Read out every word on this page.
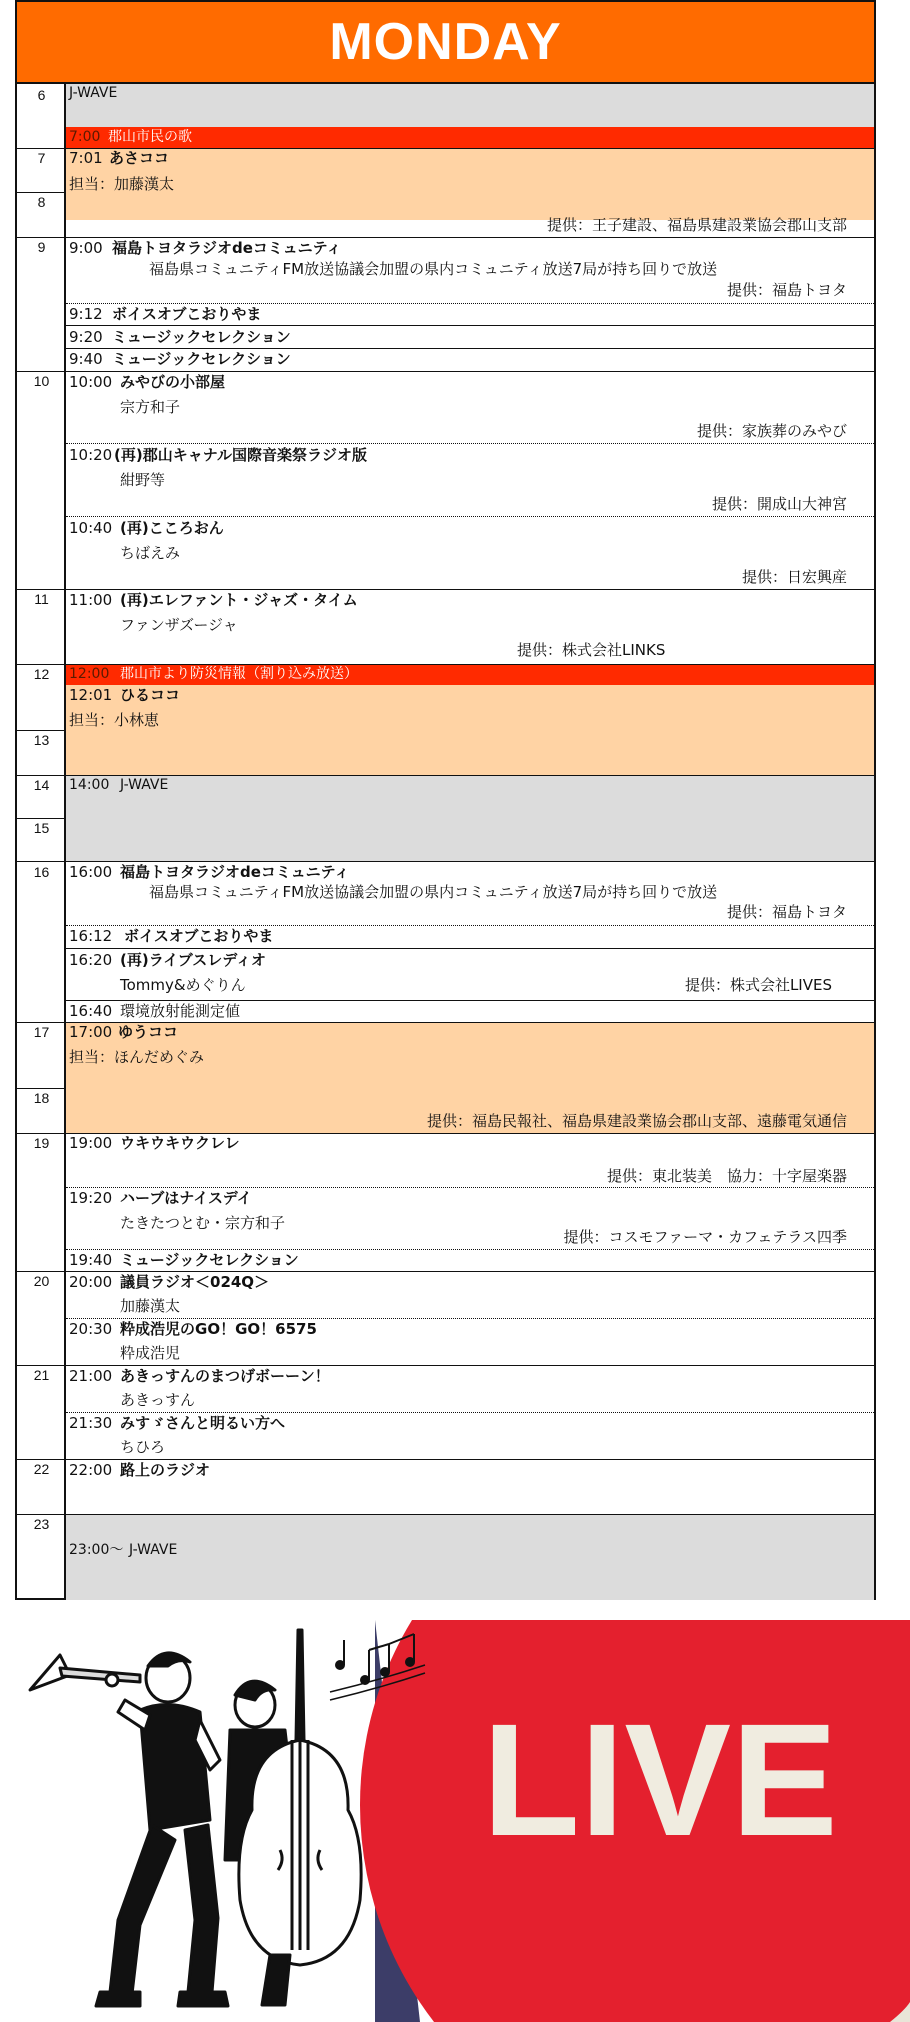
MONDAY
6
7
8
9
10
11
12
13
14
15
16
17
18
19
20
21
22
23
J-WAVE
7:00 郡山市民の歌
7:01 あさココ
担当：加藤漢太
提供：王子建設、福島県建設業協会郡山支部
9:00 福島トヨタラジオdeコミュニティ
福島県コミュニティFM放送協議会加盟の県内コミュニティ放送7局が持ち回りで放送
提供：福島トヨタ
9:12 ボイスオブこおりやま
9:20 ミュージックセレクション
9:40 ミュージックセレクション
10:00 みやびの小部屋
宗方和子
提供：家族葬のみやび
10:20 (再)郡山キャナル国際音楽祭ラジオ版
紺野等
提供：開成山大神宮
10:40 (再)こころおん
ちばえみ
提供：日宏興産
11:00 (再)エレファント・ジャズ・タイム
ファンザズージャ
提供：株式会社LINKS
12:00 郡山市より防災情報（割り込み放送）
12:01 ひるココ
担当：小林恵
14:00 J-WAVE
16:00 福島トヨタラジオdeコミュニティ
福島県コミュニティFM放送協議会加盟の県内コミュニティ放送7局が持ち回りで放送
提供：福島トヨタ
16:12 ボイスオブこおりやま
16:20 (再)ライブスレディオ
Tommy&めぐりん	提供：株式会社LIVES
16:40 環境放射能測定値
17:00 ゆうココ
担当：ほんだめぐみ
提供：福島民報社、福島県建設業協会郡山支部、遠藤電気通信
19:00 ウキウキウクレレ
提供：東北装美　協力：十字屋楽器
19:20 ハーブはナイスデイ
たきたつとむ・宗方和子
提供：コスモファーマ・カフェテラス四季
19:40 ミュージックセレクション
20:00 議員ラジオ＜024Q＞
加藤漢太
20:30 粋成浩児のGO！GO！6575
粋成浩児
21:00 あきっすんのまつげボーーン！
あきっすん
21:30 みすゞさんと明るい方へ
ちひろ
22:00 路上のラジオ
23:00〜 J-WAVE
LIVE
